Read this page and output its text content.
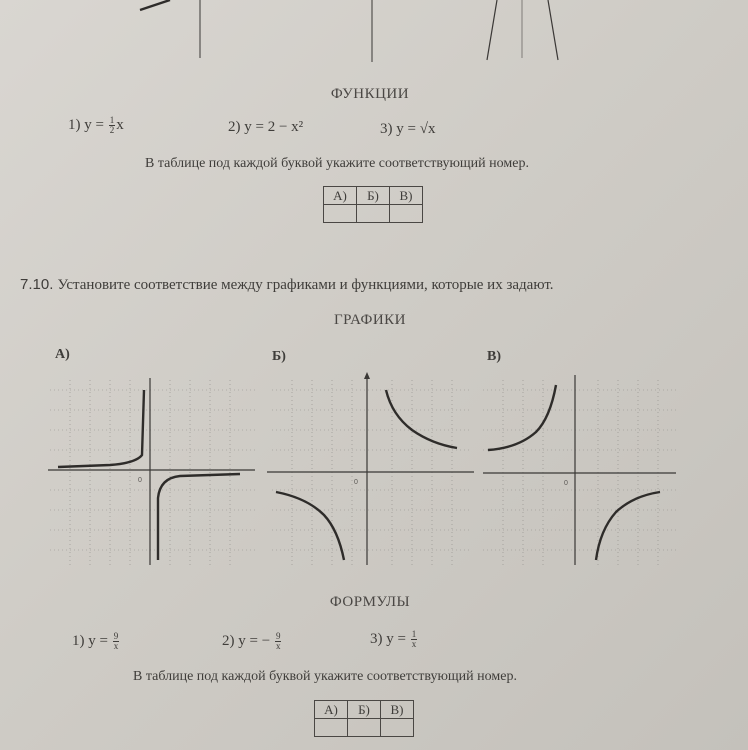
ФУНКЦИИ
1) $y = \frac{1}{2}$ x	2) y = 2 − x²	3) y = √x
В таблице под каждой буквой укажите соответствующий номер.
А)	Б)	В)

7.10. Установите соответствие между графиками и функциями, которые их задают.
ГРАФИКИ
А)	Б)	В)
0	0	0
ФОРМУЛЫ
1) $y = \frac{9}{x}$	2) y = − $\frac{9}{x}$	3) $y = \frac{1}{x}$
В таблице под каждой буквой укажите соответствующий номер.
А)	Б)	В)
